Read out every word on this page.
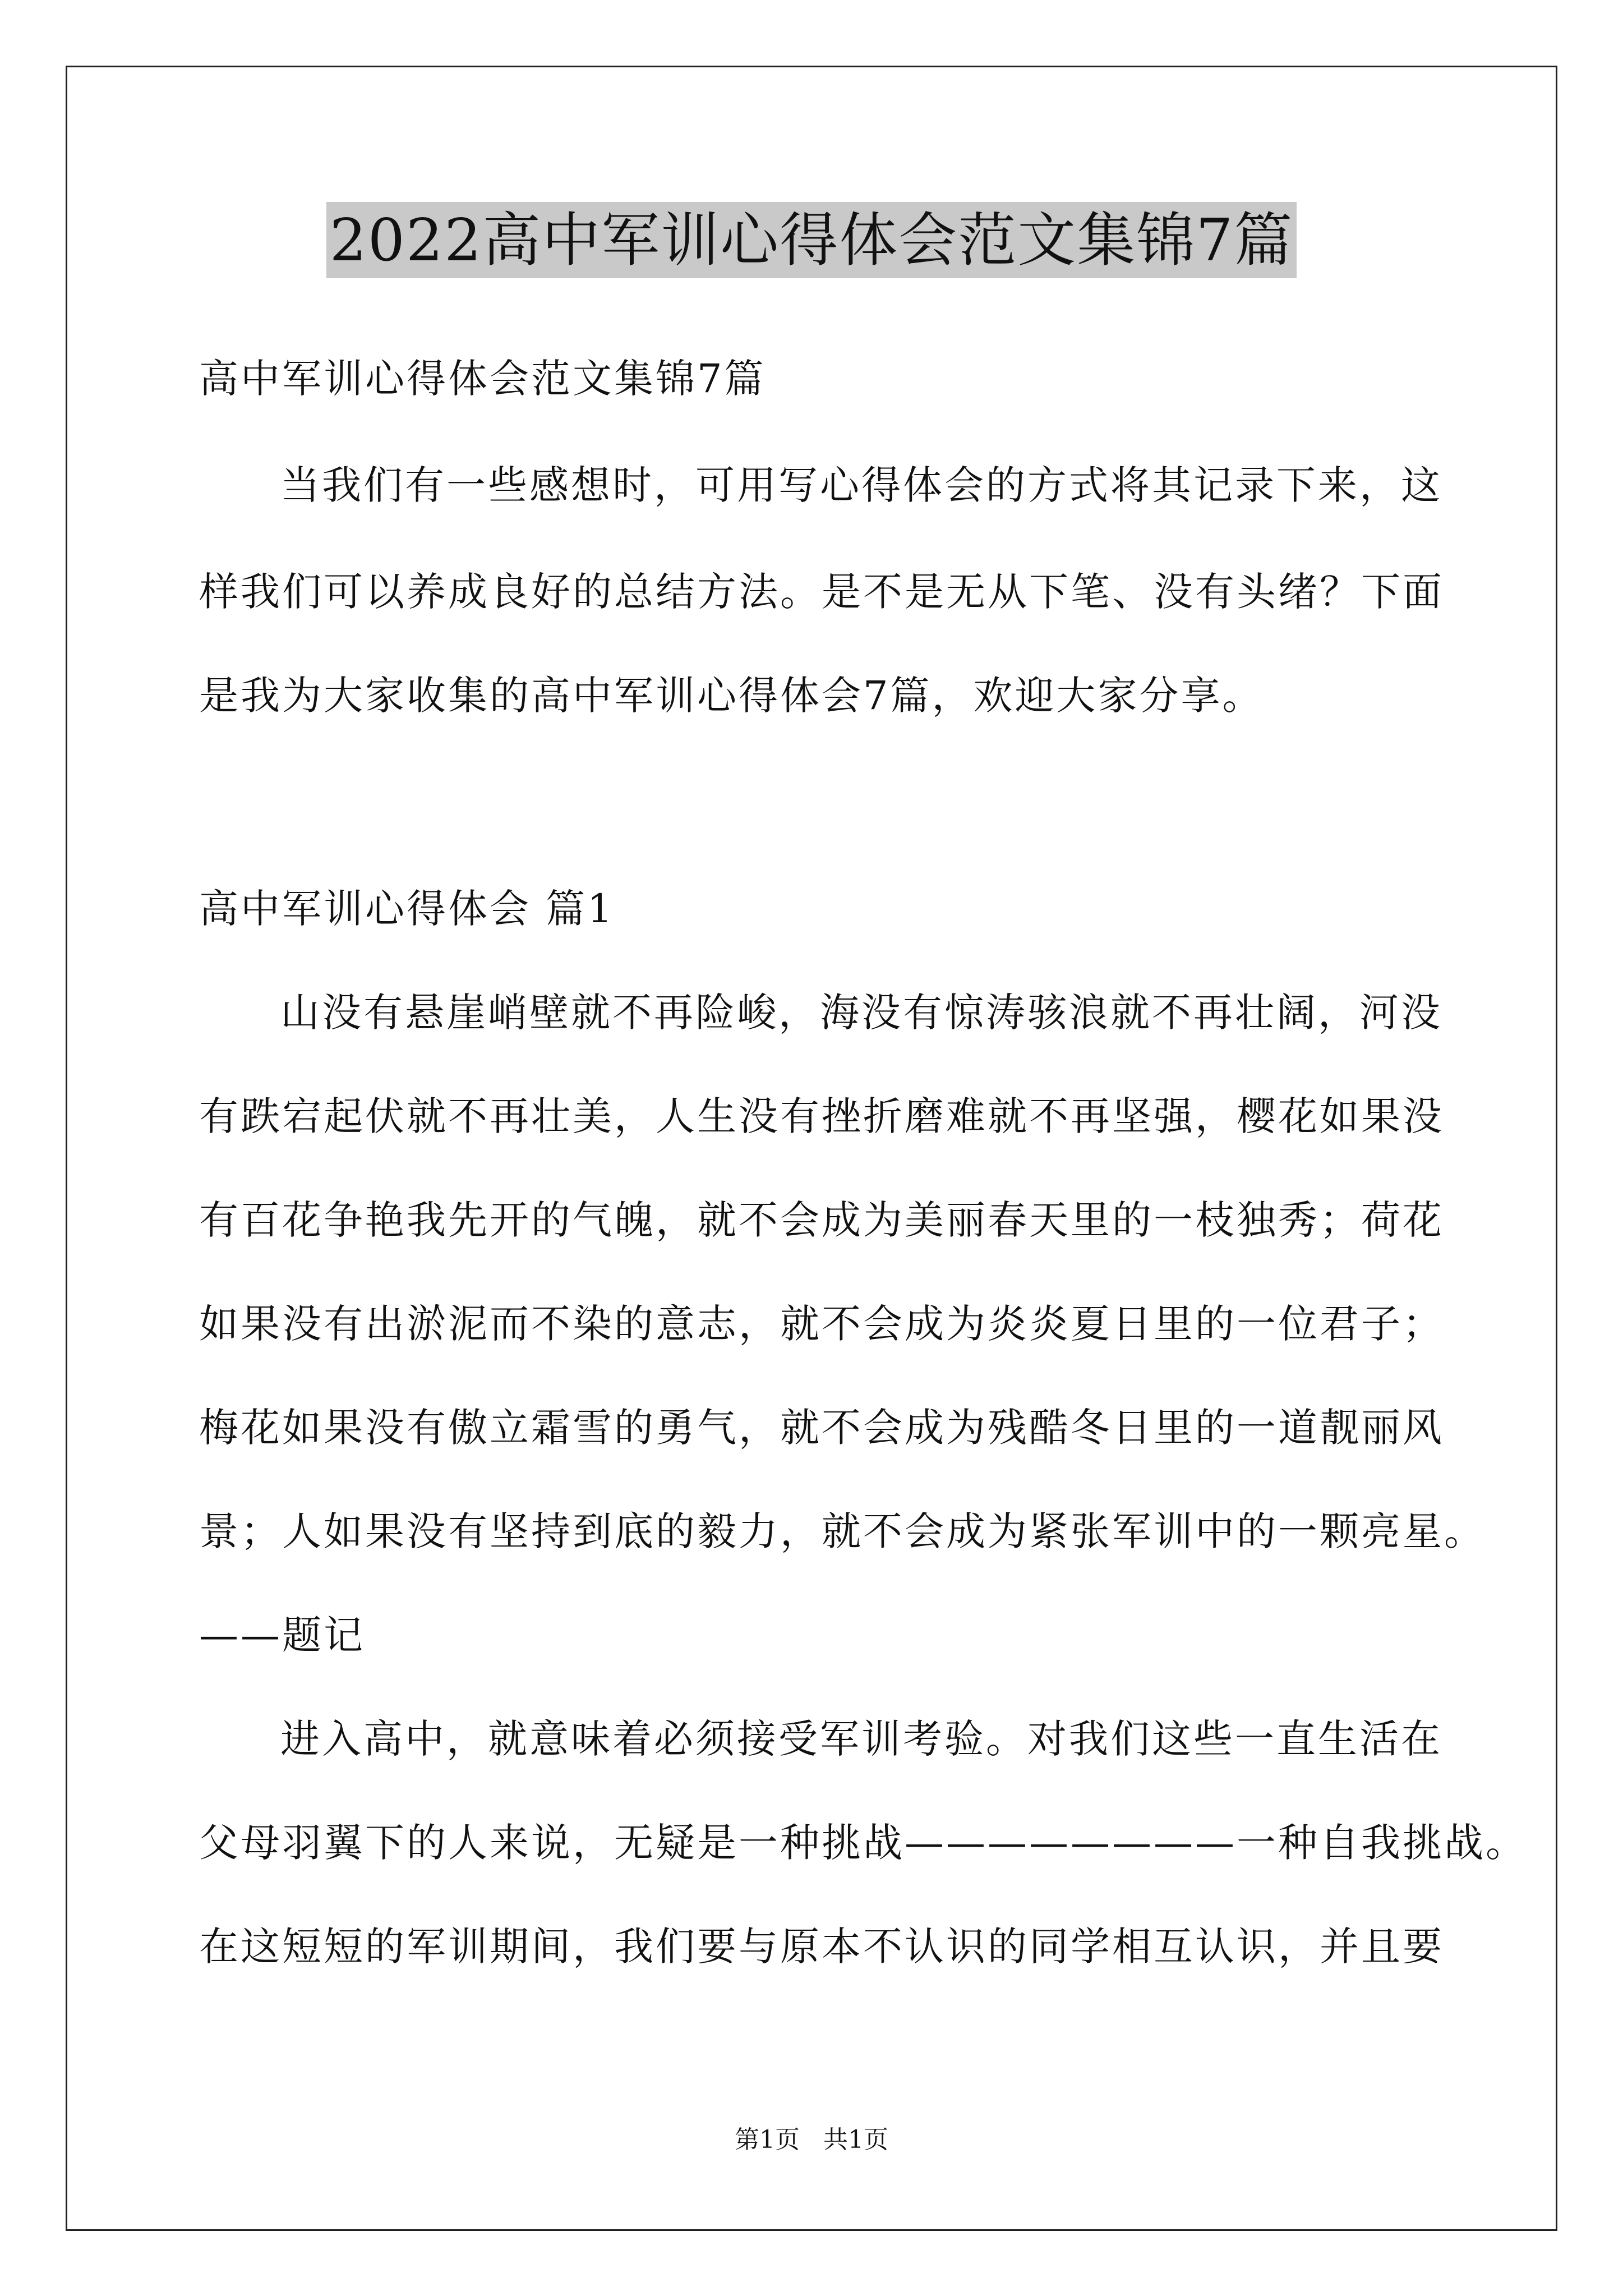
2022高中军训心得体会范文集锦7篇
高中军训心得体会范文集锦7篇
当我们有一些感想时，可用写心得体会的方式将其记录下来，这
样我们可以养成良好的总结方法。是不是无从下笔、没有头绪？下面
是我为大家收集的高中军训心得体会7篇，欢迎大家分享。
高中军训心得体会 篇1
山没有悬崖峭壁就不再险峻，海没有惊涛骇浪就不再壮阔，河没
有跌宕起伏就不再壮美，人生没有挫折磨难就不再坚强，樱花如果没
有百花争艳我先开的气魄，就不会成为美丽春天里的一枝独秀；荷花
如果没有出淤泥而不染的意志，就不会成为炎炎夏日里的一位君子；
梅花如果没有傲立霜雪的勇气，就不会成为残酷冬日里的一道靓丽风
景；人如果没有坚持到底的毅力，就不会成为紧张军训中的一颗亮星。
——题记
进入高中，就意味着必须接受军训考验。对我们这些一直生活在
父母羽翼下的人来说，无疑是一种挑战————————一种自我挑战。
在这短短的军训期间，我们要与原本不认识的同学相互认识，并且要
第1页 共1页
